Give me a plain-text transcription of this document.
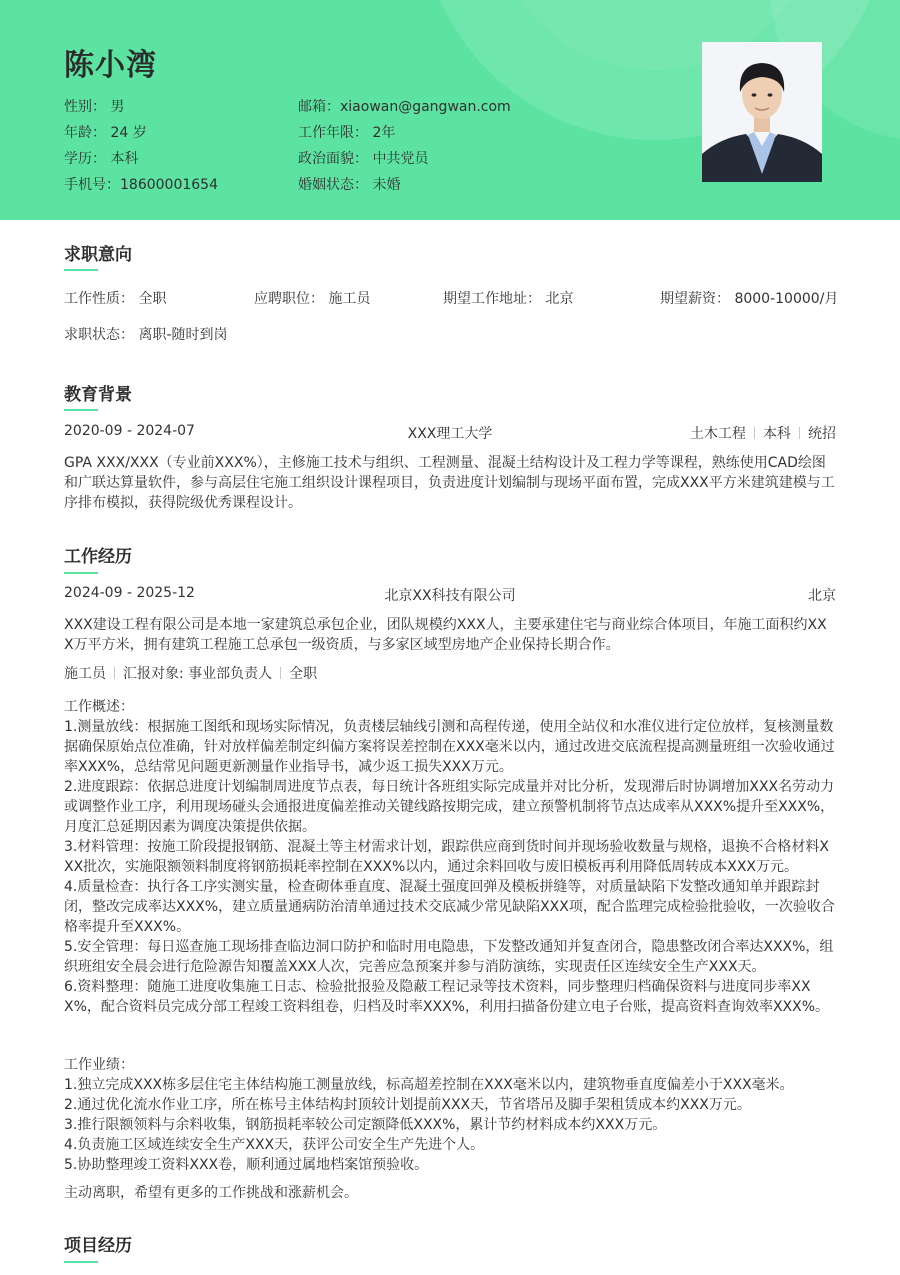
陈小湾
性别： 男
年龄： 24 岁
学历： 本科
手机号：18600001654
邮箱：xiaowan@gangwan.com
工作年限： 2年
政治面貌： 中共党员
婚姻状态： 未婚
求职意向
工作性质： 全职	应聘职位： 施工员	期望工作地址： 北京	期望薪资： 8000-10000/月
求职状态： 离职-随时到岗
教育背景
2020-09 - 2024-07	XXX理工大学	土木工程 本科 统招
GPA XXX/XXX（专业前XXX%），主修施工技术与组织、工程测量、混凝土结构设计及工程力学等课程，熟练使用CAD绘图和广联达算量软件，参与高层住宅施工组织设计课程项目，负责进度计划编制与现场平面布置，完成XXX平方米建筑建模与工序排布模拟，获得院级优秀课程设计。
工作经历
2024-09 - 2025-12	北京XX科技有限公司	北京
XXX建设工程有限公司是本地一家建筑总承包企业，团队规模约XXX人，主要承建住宅与商业综合体项目，年施工面积约XXX万平方米，拥有建筑工程施工总承包一级资质，与多家区域型房地产企业保持长期合作。
施工员 汇报对象: 事业部负责人 全职
工作概述：
1.测量放线：根据施工图纸和现场实际情况，负责楼层轴线引测和高程传递，使用全站仪和水准仪进行定位放样，复核测量数据确保原始点位准确，针对放样偏差制定纠偏方案将误差控制在XXX毫米以内，通过改进交底流程提高测量班组一次验收通过率XXX%，总结常见问题更新测量作业指导书，减少返工损失XXX万元。
2.进度跟踪：依据总进度计划编制周进度节点表，每日统计各班组实际完成量并对比分析，发现滞后时协调增加XXX名劳动力或调整作业工序，利用现场碰头会通报进度偏差推动关键线路按期完成，建立预警机制将节点达成率从XXX%提升至XXX%，月度汇总延期因素为调度决策提供依据。
3.材料管理：按施工阶段提报钢筋、混凝土等主材需求计划，跟踪供应商到货时间并现场验收数量与规格，退换不合格材料XXX批次，实施限额领料制度将钢筋损耗率控制在XXX%以内，通过余料回收与废旧模板再利用降低周转成本XXX万元。
4.质量检查：执行各工序实测实量，检查砌体垂直度、混凝土强度回弹及模板拼缝等，对质量缺陷下发整改通知单并跟踪封闭，整改完成率达XXX%，建立质量通病防治清单通过技术交底减少常见缺陷XXX项，配合监理完成检验批验收，一次验收合格率提升至XXX%。
5.安全管理：每日巡查施工现场排查临边洞口防护和临时用电隐患，下发整改通知并复查闭合，隐患整改闭合率达XXX%，组织班组安全晨会进行危险源告知覆盖XXX人次，完善应急预案并参与消防演练，实现责任区连续安全生产XXX天。
6.资料整理：随施工进度收集施工日志、检验批报验及隐蔽工程记录等技术资料，同步整理归档确保资料与进度同步率XXX%，配合资料员完成分部工程竣工资料组卷，归档及时率XXX%，利用扫描备份建立电子台账，提高资料查询效率XXX%。
工作业绩：
1.独立完成XXX栋多层住宅主体结构施工测量放线，标高超差控制在XXX毫米以内，建筑物垂直度偏差小于XXX毫米。
2.通过优化流水作业工序，所在栋号主体结构封顶较计划提前XXX天，节省塔吊及脚手架租赁成本约XXX万元。
3.推行限额领料与余料收集，钢筋损耗率较公司定额降低XXX%，累计节约材料成本约XXX万元。
4.负责施工区域连续安全生产XXX天，获评公司安全生产先进个人。
5.协助整理竣工资料XXX卷，顺利通过属地档案馆预验收。
主动离职，希望有更多的工作挑战和涨薪机会。
项目经历
